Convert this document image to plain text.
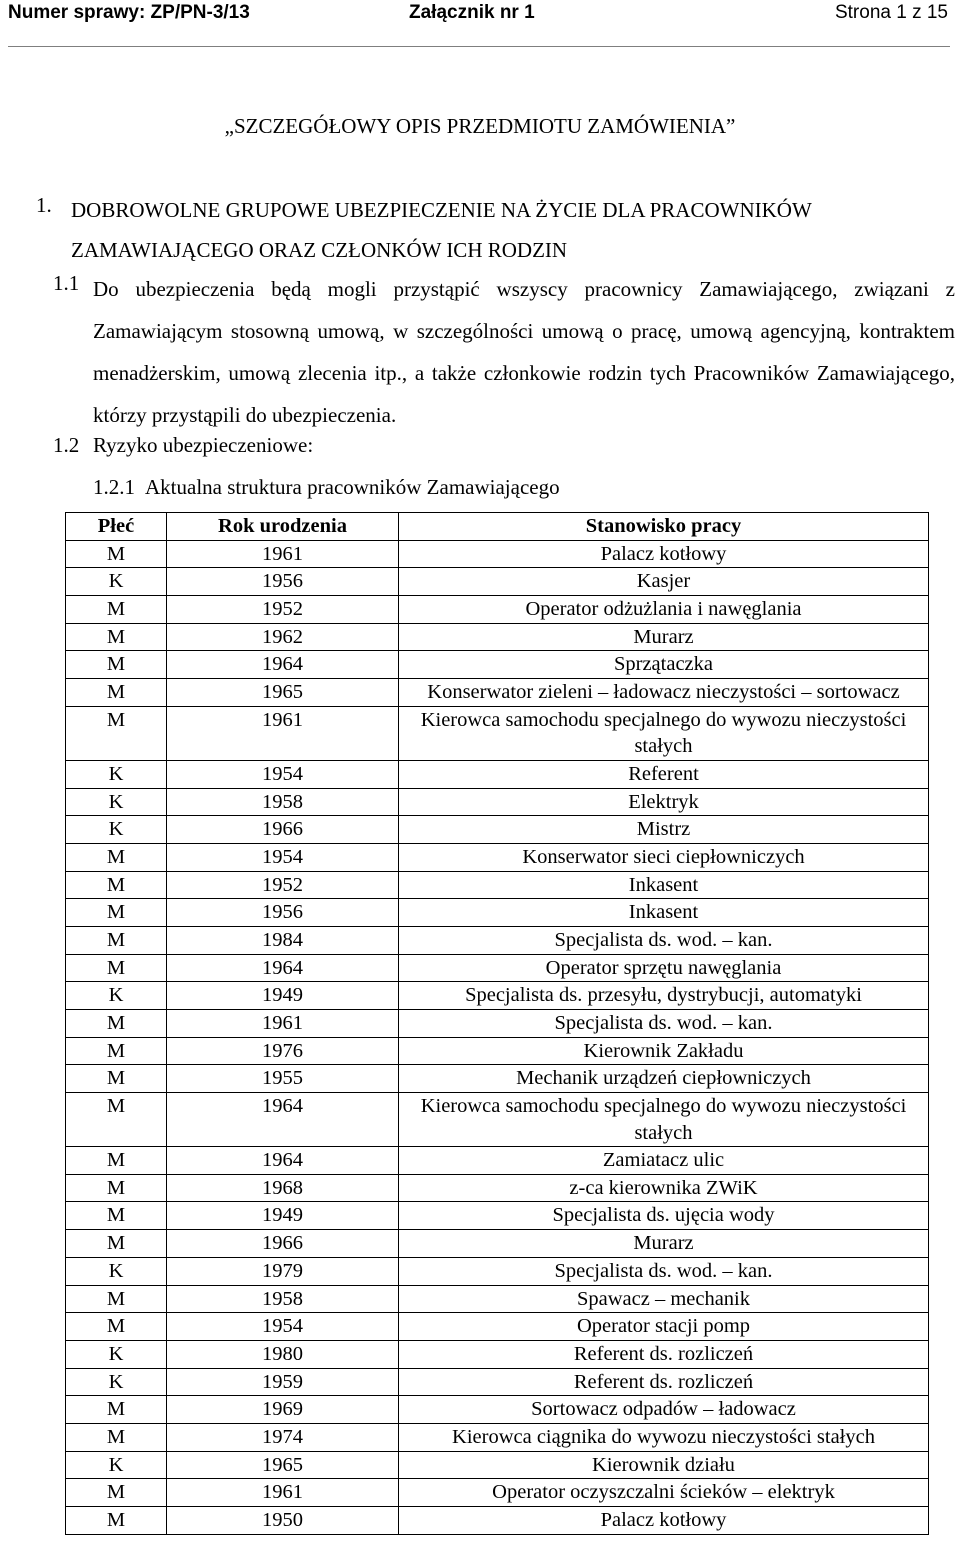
Numer sprawy: ZP/PN-3/13	Załącznik nr 1	Strona 1 z 15
„SZCZEGÓŁOWY OPIS PRZEDMIOTU ZAMÓWIENIA”
1. DOBROWOLNE GRUPOWE UBEZPIECZENIE NA ŻYCIE DLA PRACOWNIKÓW ZAMAWIAJĄCEGO ORAZ CZŁONKÓW ICH RODZIN
1.1 Do ubezpieczenia będą mogli przystąpić wszyscy pracownicy Zamawiającego, związani z Zamawiającym stosowną umową, w szczególności umową o pracę, umową agencyjną, kontraktem menadżerskim, umową zlecenia itp., a także członkowie rodzin tych Pracowników Zamawiającego, którzy przystąpili do ubezpieczenia.
1.2 Ryzyko ubezpieczeniowe:
1.2.1 Aktualna struktura pracowników Zamawiającego
Płeć	Rok urodzenia	Stanowisko pracy
M	1961	Palacz kotłowy
K	1956	Kasjer
M	1952	Operator odżużlania i nawęglania
M	1962	Murarz
M	1964	Sprzątaczka
M	1965	Konserwator zieleni – ładowacz nieczystości – sortowacz
M	1961	Kierowca samochodu specjalnego do wywozu nieczystości stałych
K	1954	Referent
K	1958	Elektryk
K	1966	Mistrz
M	1954	Konserwator sieci ciepłowniczych
M	1952	Inkasent
M	1956	Inkasent
M	1984	Specjalista ds. wod. – kan.
M	1964	Operator sprzętu nawęglania
K	1949	Specjalista ds. przesyłu, dystrybucji, automatyki
M	1961	Specjalista ds. wod. – kan.
M	1976	Kierownik Zakładu
M	1955	Mechanik urządzeń ciepłowniczych
M	1964	Kierowca samochodu specjalnego do wywozu nieczystości stałych
M	1964	Zamiatacz ulic
M	1968	z-ca kierownika ZWiK
M	1949	Specjalista ds. ujęcia wody
M	1966	Murarz
K	1979	Specjalista ds. wod. – kan.
M	1958	Spawacz – mechanik
M	1954	Operator stacji pomp
K	1980	Referent ds. rozliczeń
K	1959	Referent ds. rozliczeń
M	1969	Sortowacz odpadów – ładowacz
M	1974	Kierowca ciągnika do wywozu nieczystości stałych
K	1965	Kierownik działu
M	1961	Operator oczyszczalni ścieków – elektryk
M	1950	Palacz kotłowy
